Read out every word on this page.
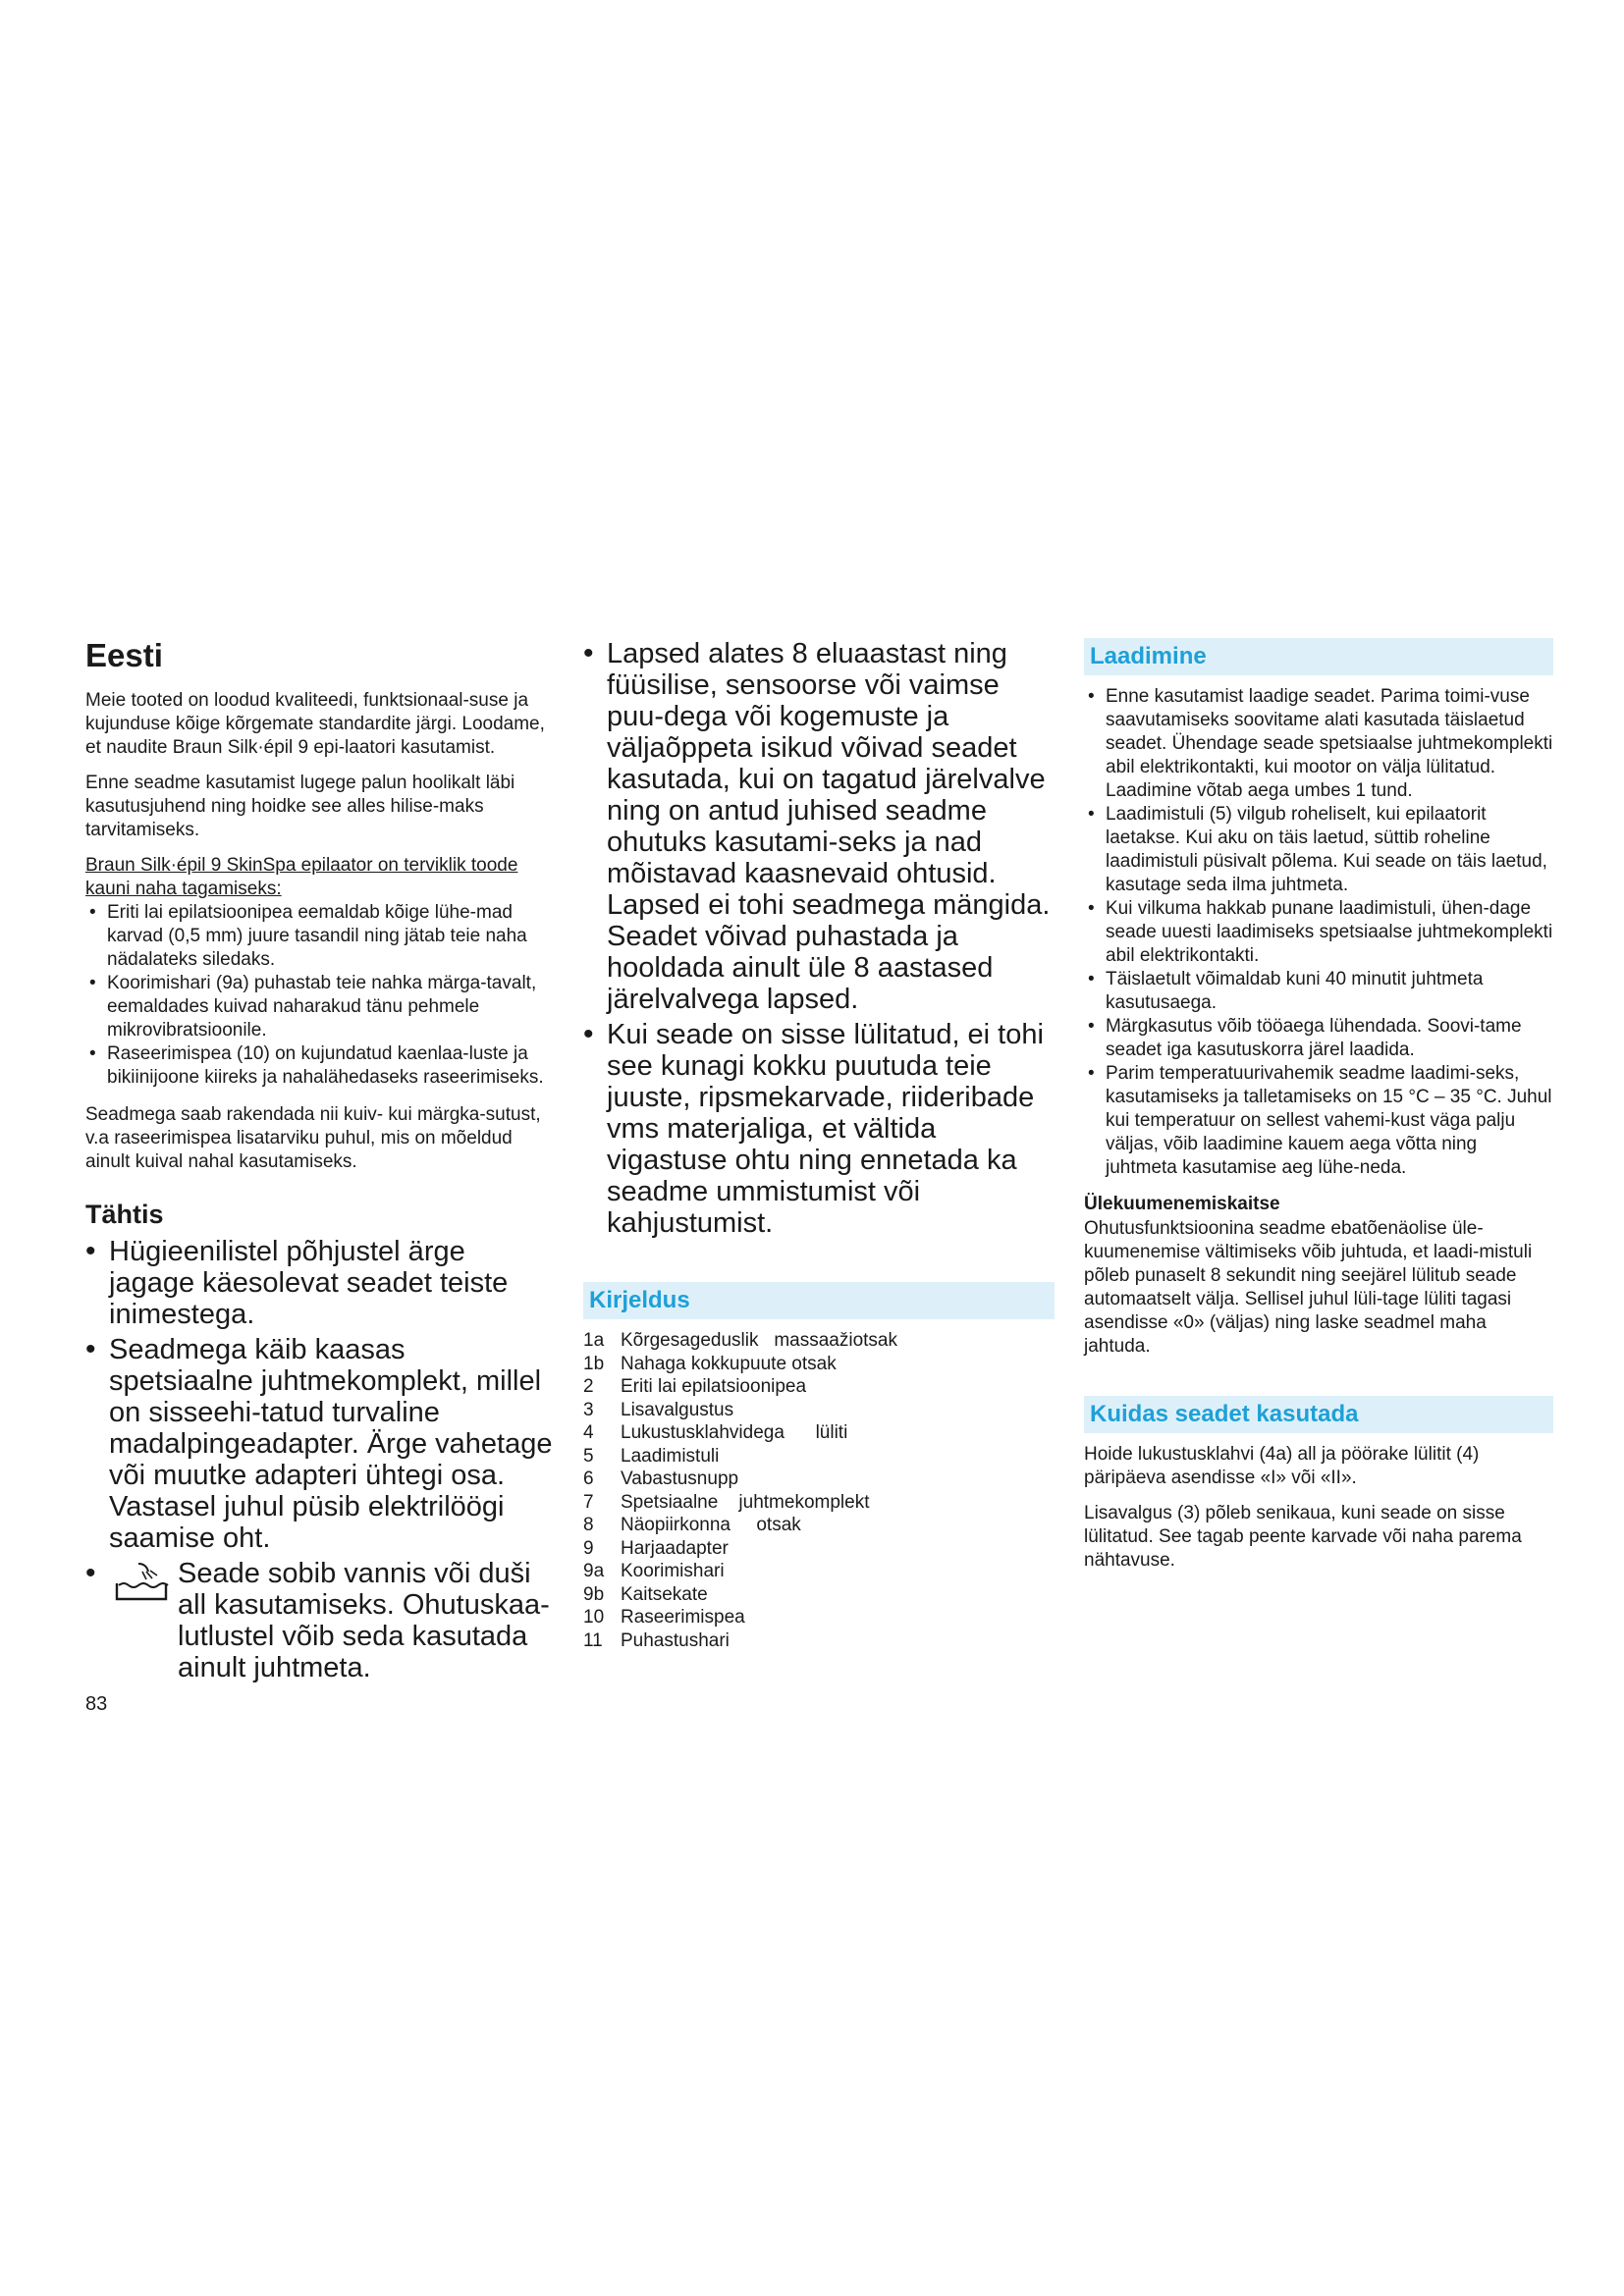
Eesti

Meie tooted on loodud kvaliteedi, funktsionaal-suse ja kujunduse kõige kõrgemate standardite järgi. Loodame, et naudite Braun Silk·épil 9 epi-laatori kasutamist.

Enne seadme kasutamist lugege palun hoolikalt läbi kasutusjuhend ning hoidke see alles hilise-maks tarvitamiseks.

Braun Silk·épil 9 SkinSpa epilaator on terviklik toode kauni naha tagamiseks:

• Eriti lai epilatsioonipea eemaldab kõige lühe-mad karvad (0,5 mm) juure tasandil ning jätab teie naha nädalateks siledaks.
• Koorimishari (9a) puhastab teie nahka märga-tavalt, eemaldades kuivad naharakud tänu pehmele mikrovibratsioonile.
• Raseerimispea (10) on kujundatud kaenlaa-luste ja bikiinijoone kiireks ja nahalähedaseks raseerimiseks.

Seadmega saab rakendada nii kuiv- kui märgka-sutust, v.a raseerimispea lisatarviku puhul, mis on mõeldud ainult kuival nahal kasutamiseks.

Tähtis
• Hügieenilistel põhjustel ärge jagage käesolevat seadet teiste inimestega.
• Seadmega käib kaasas spetsiaalne juhtmekomplekt, millel on sisseehi-tatud turvaline madalpingeadapter. Ärge vahetage või muutke adapteri ühtegi osa. Vastasel juhul püsib elektrilöögi saamise oht.
• Seade sobib vannis või duši all kasutamiseks. Ohutuskaa-lutlustel võib seda kasutada ainult juhtmeta.
83
• Lapsed alates 8 eluaastast ning füüsilise, sensoorse või vaimse puu-dega või kogemuste ja väljaõppeta isikud võivad seadet kasutada, kui on tagatud järelvalve ning on antud juhised seadme ohutuks kasutami-seks ja nad mõistavad kaasnevaid ohtusid. Lapsed ei tohi seadmega mängida. Seadet võivad puhastada ja hooldada ainult üle 8 aastased järelvalvega lapsed.
• Kui seade on sisse lülitatud, ei tohi see kunagi kokku puutuda teie juuste, ripsmekarvade, riideribade vms materjaliga, et vältida vigastuse ohtu ning ennetada ka seadme ummistumist või kahjustumist.
Kirjeldus
1a Kõrgesageduslik   massaažiotsak
1b Nahaga kokkupuute otsak
2 Eriti lai epilatsioonipea
3 Lisavalgustus
4 Lukustusklahvidega      lüliti
5 Laadimistuli
6 Vabastusnupp
7 Spetsiaalne    juhtmekomplekt
8 Näopiirkonna     otsak
9 Harjaadapter
9a Koorimishari
9b Kaitsekate
10 Raseerimispea
11 Puhastushari
Laadimine
• Enne kasutamist laadige seadet. Parima toimi-vuse saavutamiseks soovitame alati kasutada täislaetud seadet. Ühendage seade spetsiaalse juhtmekomplekti abil elektrikontakti, kui mootor on välja lülitatud. Laadimine võtab aega umbes 1 tund.
• Laadimistuli (5) vilgub roheliselt, kui epilaatorit laetakse. Kui aku on täis laetud, süttib roheline laadimistuli püsivalt põlema. Kui seade on täis laetud, kasutage seda ilma juhtmeta.
• Kui vilkuma hakkab punane laadimistuli, ühen-dage seade uuesti laadimiseks spetsiaalse juhtmekomplekti abil elektrikontakti.
• Täislaetult võimaldab kuni 40 minutit juhtmeta kasutusaega.
• Märgkasutus võib tööaega lühendada. Soovi-tame seadet iga kasutuskorra järel laadida.
• Parim temperatuurivahemik seadme laadimi-seks, kasutamiseks ja talletamiseks on 15 °C – 35 °C. Juhul kui temperatuur on sellest vahemi-kust väga palju väljas, võib laadimine kauem aega võtta ning juhtmeta kasutamise aeg lühe-neda.
Ülekuumenemiskaitse

Ohutusfunktsioonina seadme ebatõenäolise üle-kuumenemise vältimiseks võib juhtuda, et laadi-mistuli põleb punaselt 8 sekundit ning seejärel lülitub seade automaatselt välja. Sellisel juhul lüli-tage lüliti tagasi asendisse «0» (väljas) ning laske seadmel maha jahtuda.

Kuidas seadet kasutada

Hoide lukustusklahvi (4a) all ja pöörake lülitit (4) päripäeva asendisse «I» või «II».

Lisavalgus (3) põleb senikaua, kuni seade on sisse lülitatud. See tagab peente karvade või naha parema nähtavuse.
